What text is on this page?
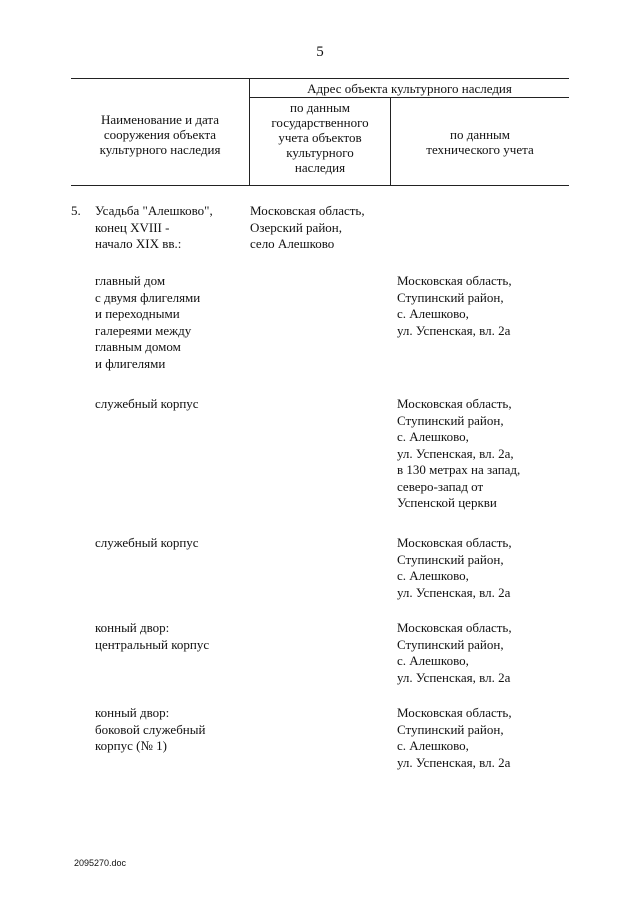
5
Наименование и дата
сооружения объекта
культурного наследия
Адрес объекта культурного наследия
по данным
государственного
учета объектов
культурного
наследия
по данным
технического учета
5. Усадьба "Алешково",
конец XVIII -
начало XIX вв.:
Московская область,
Озерский район,
село Алешково
главный дом
с двумя флигелями
и переходными
галереями между
главным домом
и флигелями
Московская область,
Ступинский район,
с. Алешково,
ул. Успенская, вл. 2а
служебный корпус	Московская область,
Ступинский район,
с. Алешково,
ул. Успенская, вл. 2а,
в 130 метрах на запад,
северо-запад от
Успенской церкви
служебный корпус	Московская область,
Ступинский район,
с. Алешково,
ул. Успенская, вл. 2а
конный двор:
центральный корпус
Московская область,
Ступинский район,
с. Алешково,
ул. Успенская, вл. 2а
конный двор:
боковой служебный
корпус (№ 1)
Московская область,
Ступинский район,
с. Алешково,
ул. Успенская, вл. 2а
2095270.doc
